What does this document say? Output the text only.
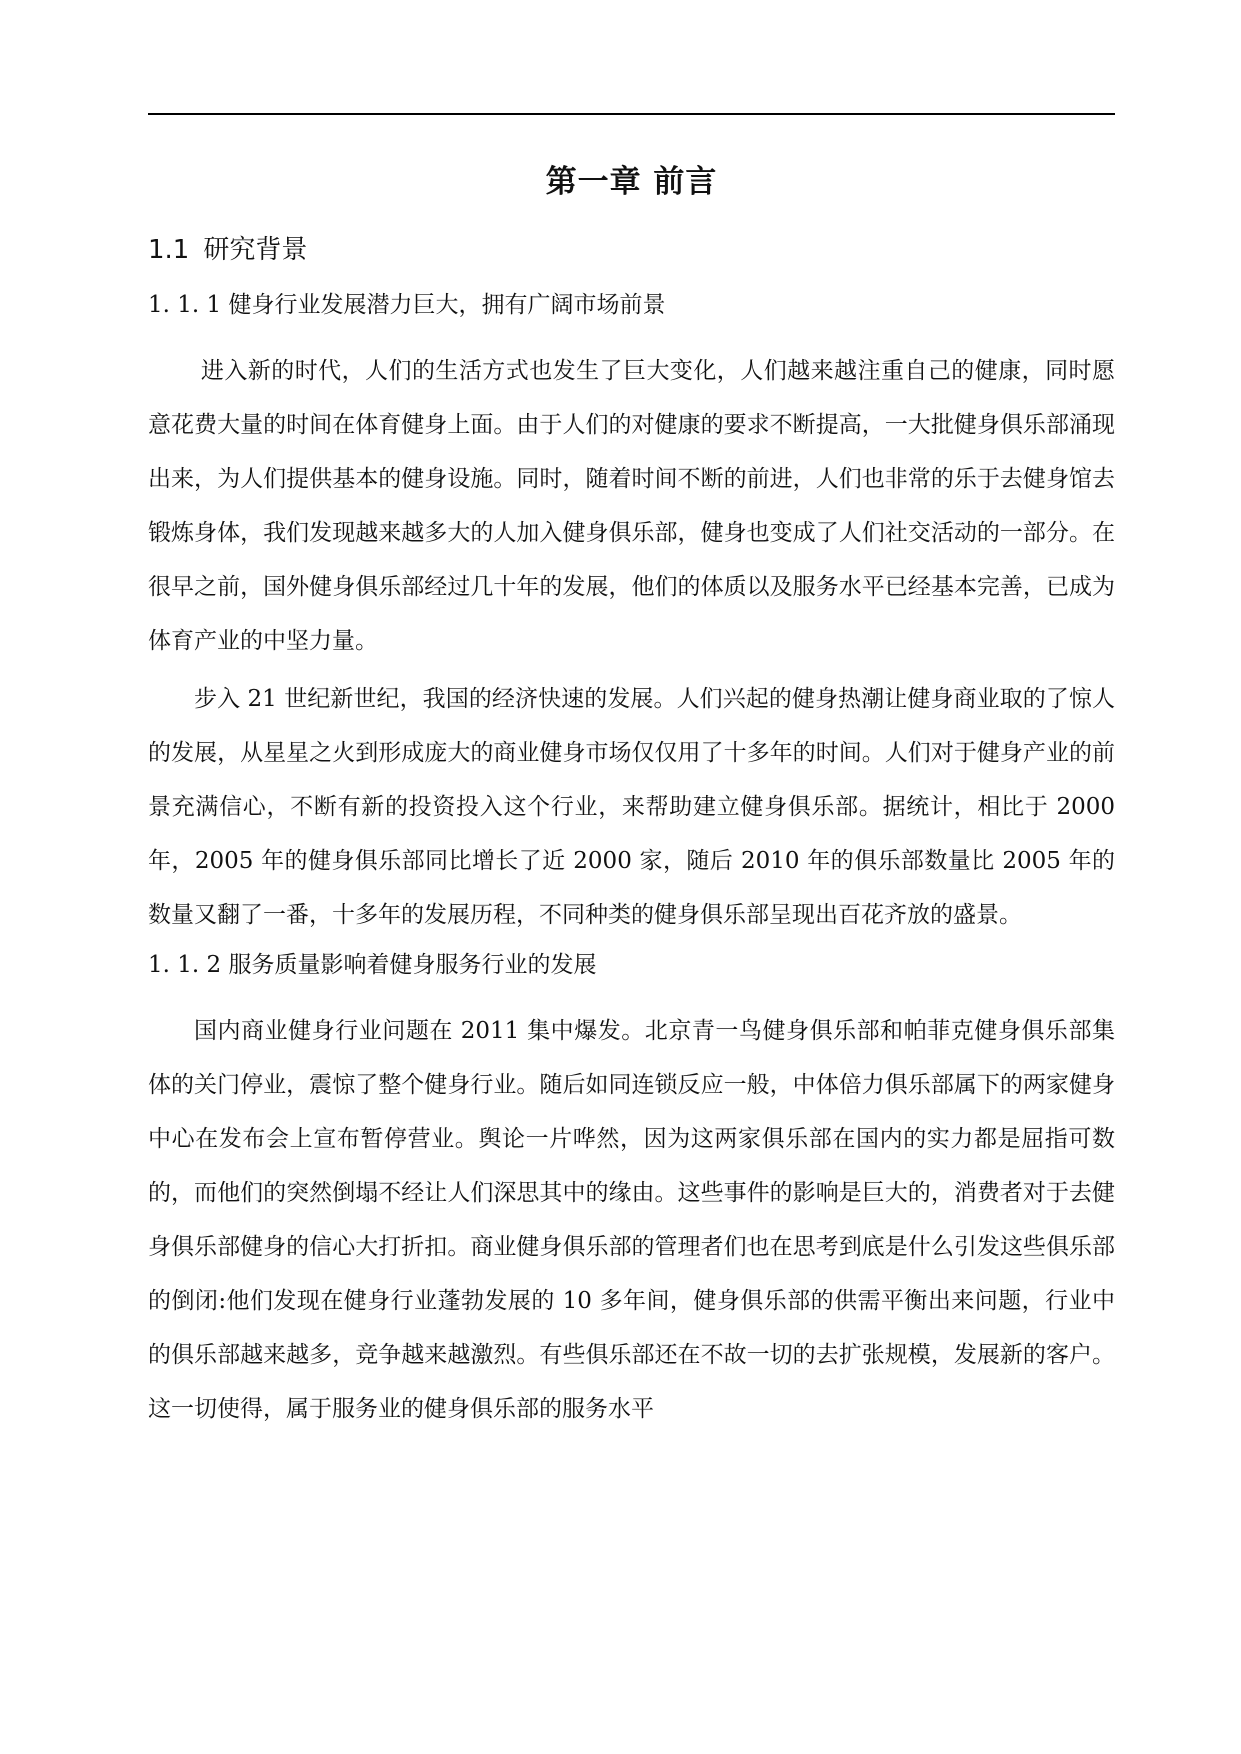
第一章 前言
1.1 研究背景
1. 1. 1 健身行业发展潜力巨大，拥有广阔市场前景

进入新的时代，人们的生活方式也发生了巨大变化，人们越来越注重自己的健康，同时愿意花费大量的时间在体育健身上面。由于人们的对健康的要求不断提高，一大批健身俱乐部涌现出来，为人们提供基本的健身设施。同时，随着时间不断的前进，人们也非常的乐于去健身馆去锻炼身体，我们发现越来越多大的人加入健身俱乐部，健身也变成了人们社交活动的一部分。在很早之前，国外健身俱乐部经过几十年的发展，他们的体质以及服务水平已经基本完善，已成为体育产业的中坚力量。

步入 21 世纪新世纪，我国的经济快速的发展。人们兴起的健身热潮让健身商业取的了惊人的发展，从星星之火到形成庞大的商业健身市场仅仅用了十多年的时间。人们对于健身产业的前景充满信心，不断有新的投资投入这个行业，来帮助建立健身俱乐部。据统计，相比于 2000 年，2005 年的健身俱乐部同比增长了近 2000 家，随后 2010 年的俱乐部数量比 2005 年的数量又翻了一番，十多年的发展历程，不同种类的健身俱乐部呈现出百花齐放的盛景。

1. 1. 2 服务质量影响着健身服务行业的发展

国内商业健身行业问题在 2011 集中爆发。北京青一鸟健身俱乐部和帕菲克健身俱乐部集体的关门停业，震惊了整个健身行业。随后如同连锁反应一般，中体倍力俱乐部属下的两家健身中心在发布会上宣布暂停营业。舆论一片哗然，因为这两家俱乐部在国内的实力都是屈指可数的，而他们的突然倒塌不经让人们深思其中的缘由。这些事件的影响是巨大的，消费者对于去健身俱乐部健身的信心大打折扣。商业健身俱乐部的管理者们也在思考到底是什么引发这些俱乐部的倒闭:他们发现在健身行业蓬勃发展的 10 多年间，健身俱乐部的供需平衡出来问题，行业中的俱乐部越来越多，竞争越来越激烈。有些俱乐部还在不故一切的去扩张规模，发展新的客户。这一切使得，属于服务业的健身俱乐部的服务水平
